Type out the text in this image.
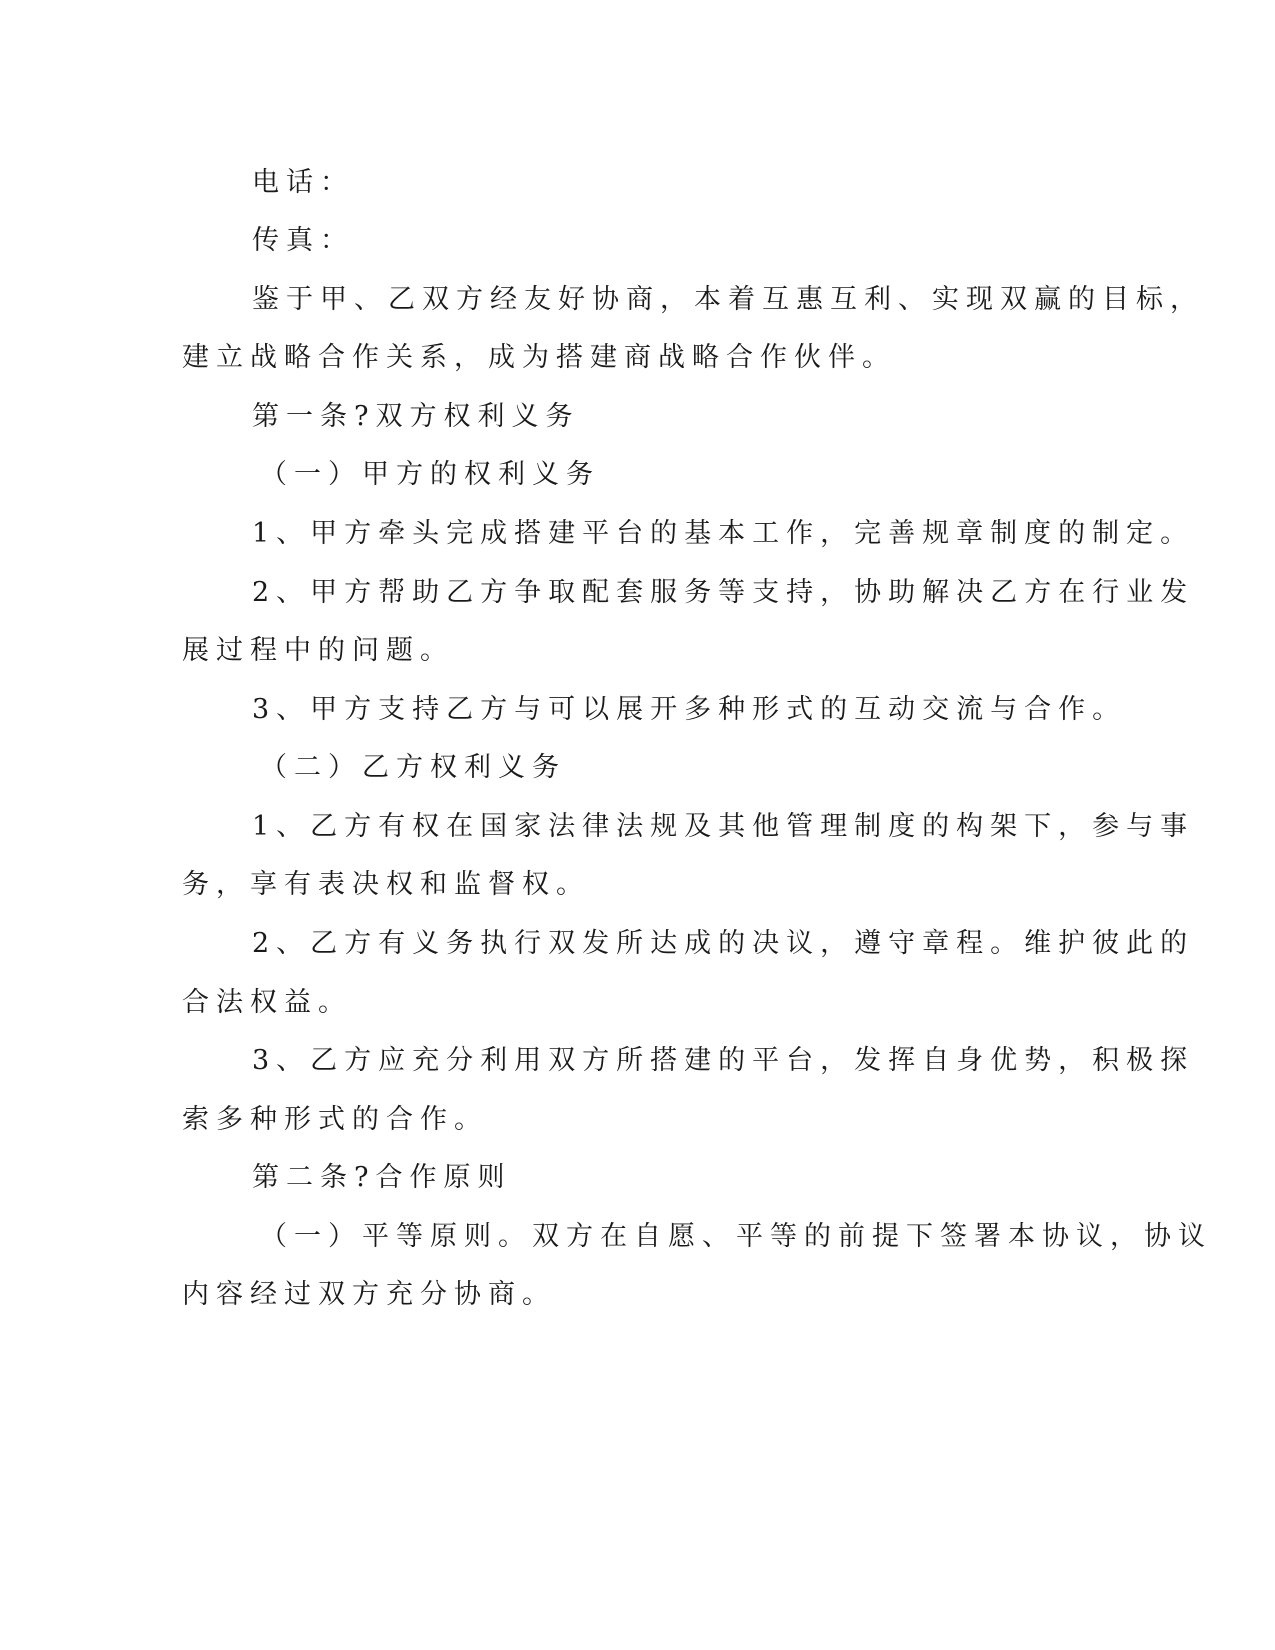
电话：

传真：

鉴于甲、乙双方经友好协商，本着互惠互利、实现双赢的目标，

建立战略合作关系，成为搭建商战略合作伙伴。

第一条?双方权利义务

（一）甲方的权利义务

1、甲方牵头完成搭建平台的基本工作，完善规章制度的制定。

2、甲方帮助乙方争取配套服务等支持，协助解决乙方在行业发

展过程中的问题。

3、甲方支持乙方与可以展开多种形式的互动交流与合作。

（二）乙方权利义务

1、乙方有权在国家法律法规及其他管理制度的构架下，参与事

务，享有表决权和监督权。

2、乙方有义务执行双发所达成的决议，遵守章程。维护彼此的

合法权益。

3、乙方应充分利用双方所搭建的平台，发挥自身优势，积极探

索多种形式的合作。

第二条?合作原则

（一）平等原则。双方在自愿、平等的前提下签署本协议，协议

内容经过双方充分协商。
